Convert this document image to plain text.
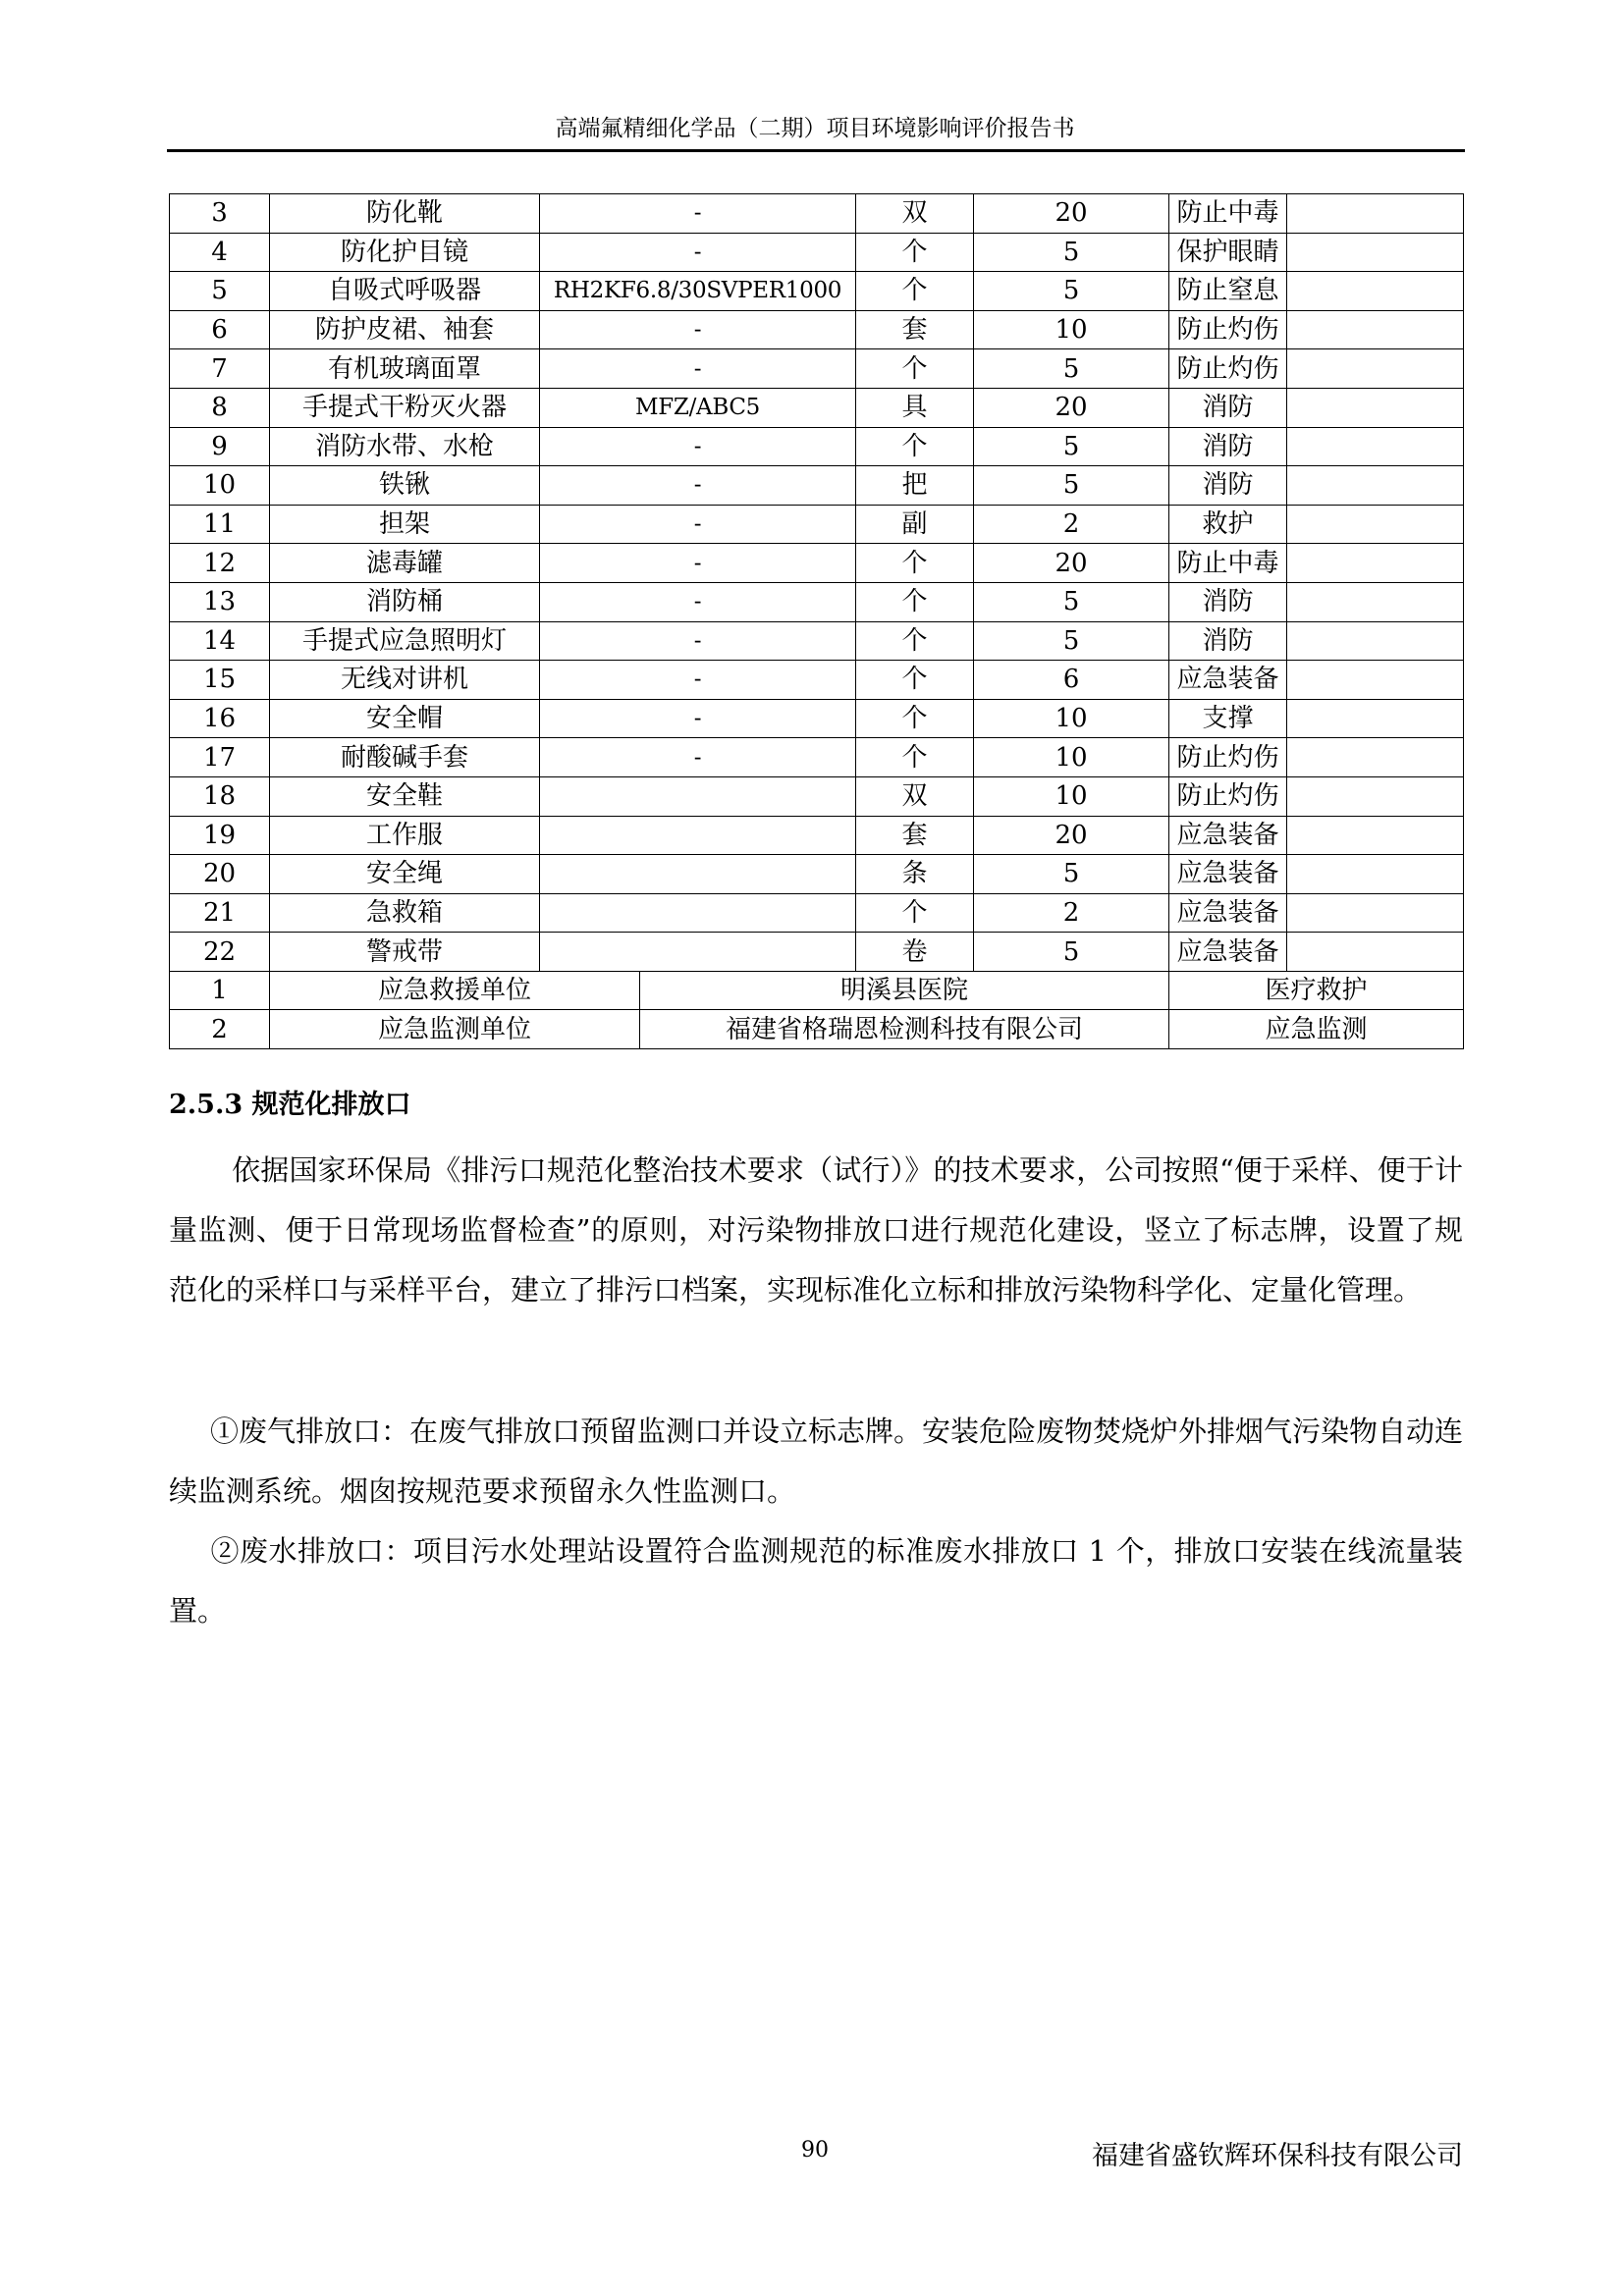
高端氟精细化学品（二期）项目环境影响评价报告书
3	防化靴	-		双	20	防止中毒	
4	防化护目镜	-		个	5	保护眼睛	
5	自吸式呼吸器	RH2KF6.8/30SVPER1000		个	5	防止窒息	
6	防护皮裙、袖套	-		套	10	防止灼伤	
7	有机玻璃面罩	-		个	5	防止灼伤	
8	手提式干粉灭火器	MFZ/ABC5		具	20	消防	
9	消防水带、水枪	-		个	5	消防	
10	铁锹	-		把	5	消防	
11	担架	-		副	2	救护	
12	滤毒罐	-		个	20	防止中毒	
13	消防桶	-		个	5	消防	
14	手提式应急照明灯	-		个	5	消防	
15	无线对讲机	-		个	6	应急装备	
16	安全帽	-		个	10	支撑	
17	耐酸碱手套	-		个	10	防止灼伤	
18	安全鞋			双	10	防止灼伤	
19	工作服			套	20	应急装备	
20	安全绳			条	5	应急装备	
21	急救箱			个	2	应急装备	
22	警戒带			卷	5	应急装备	
1	应急救援单位		明溪县医院			医疗救护	
2	应急监测单位		福建省格瑞恩检测科技有限公司			应急监测	
2.5.3 规范化排放口
依据国家环保局《排污口规范化整治技术要求（试行）》的技术要求，公司按照“便于采样、便于计量监测、便于日常现场监督检查”的原则，对污染物排放口进行规范化建设，竖立了标志牌，设置了规范化的采样口与采样平台，建立了排污口档案，实现标准化立标和排放污染物科学化、定量化管理。
①废气排放口：在废气排放口预留监测口并设立标志牌。安装危险废物焚烧炉外排烟气污染物自动连续监测系统。烟囱按规范要求预留永久性监测口。
②废水排放口：项目污水处理站设置符合监测规范的标准废水排放口 1 个，排放口安装在线流量装置。
90	福建省盛钦辉环保科技有限公司
